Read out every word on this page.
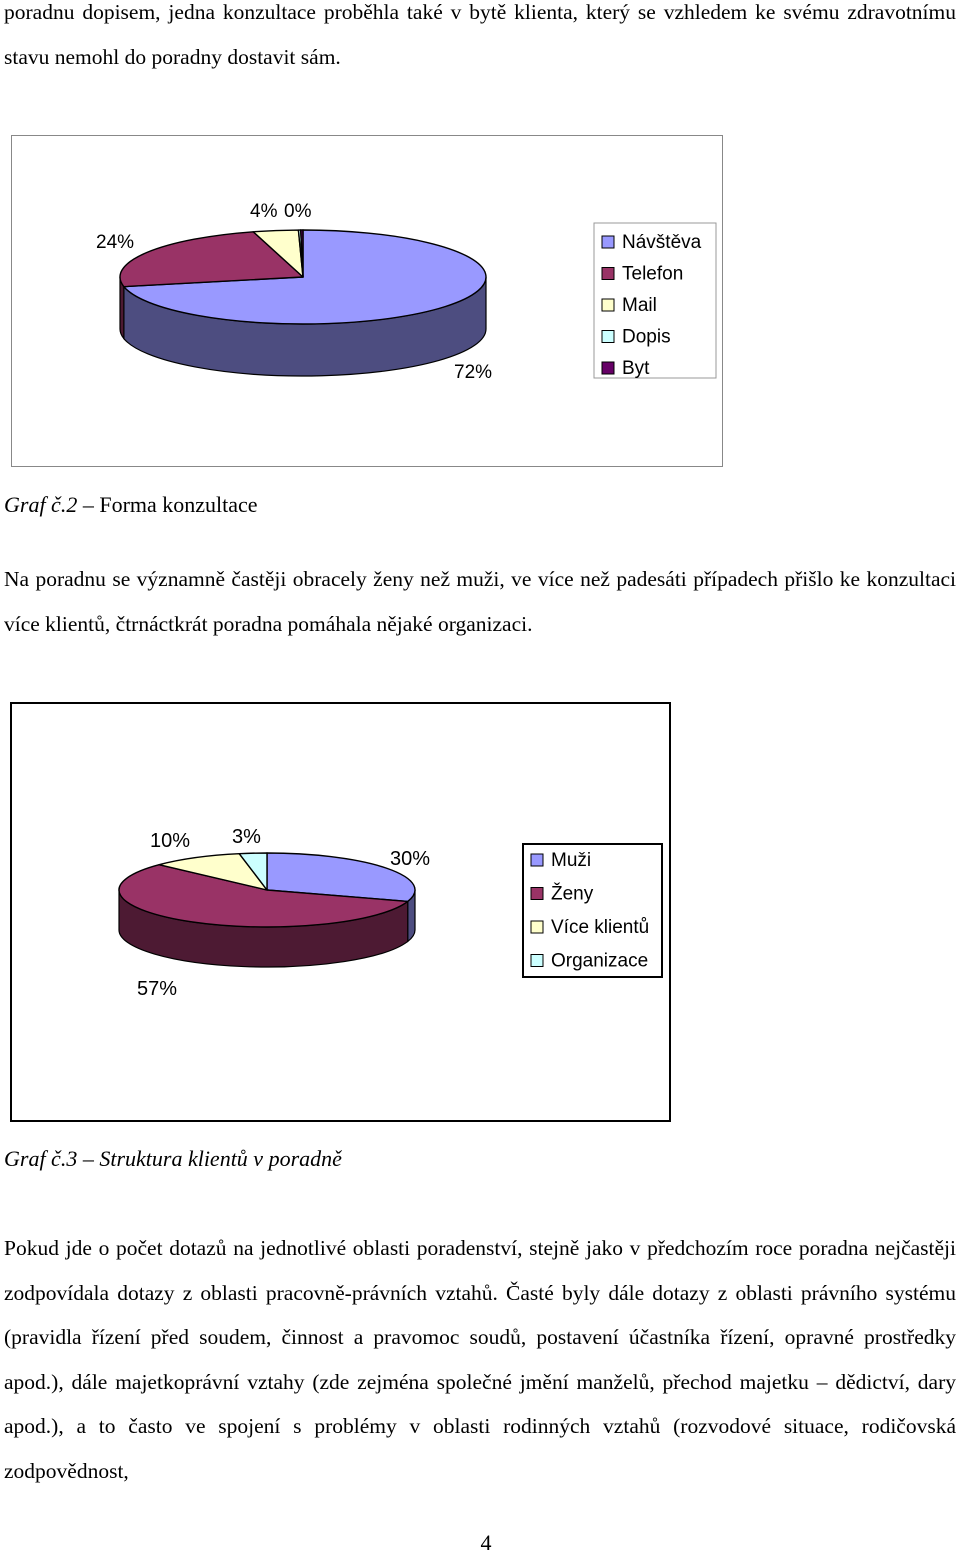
poradnu dopisem, jedna konzultace proběhla také v bytě klienta, který se vzhledem ke svému zdravotnímu stavu nemohl do poradny dostavit sám.

72%
24%
4% 0%
Návštěva
Telefon
Mail
Dopis
Byt

Graf č.2 – Forma konzultace

Na poradnu se významně častěji obracely ženy než muži, ve více než padesáti případech přišlo ke konzultaci více klientů, čtrnáctkrát poradna pomáhala nějaké organizaci.

30%
57%
10% 3%
Muži
Ženy
Více klientů
Organizace

Graf č.3 – Struktura klientů v poradně

Pokud jde o počet dotazů na jednotlivé oblasti poradenství, stejně jako v předchozím roce poradna nejčastěji zodpovídala dotazy z oblasti pracovně-právních vztahů. Časté byly dále dotazy z oblasti právního systému (pravidla řízení před soudem, činnost a pravomoc soudů, postavení účastníka řízení, opravné prostředky apod.), dále majetkoprávní vztahy (zde zejména společné jmění manželů, přechod majetku – dědictví, dary apod.), a to často ve spojení s problémy v oblasti rodinných vztahů (rozvodové situace, rodičovská zodpovědnost,

4
